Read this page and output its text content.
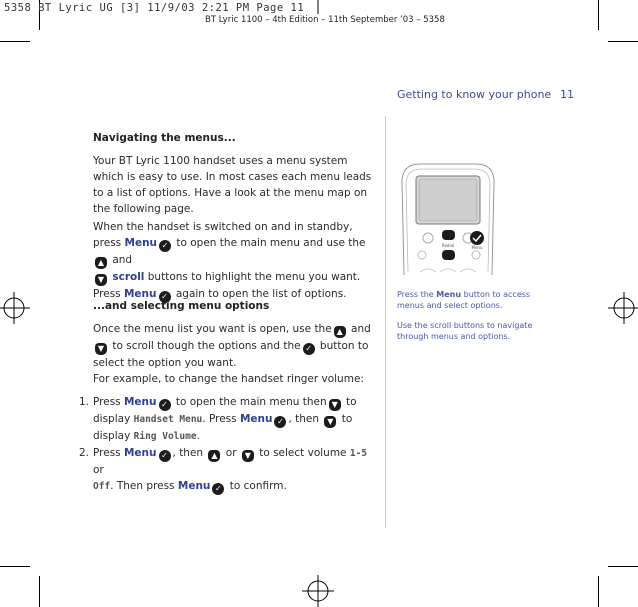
5358 BT Lyric UG [3] 11/9/03 2:21 PM Page 11
BT Lyric 1100 – 4th Edition – 11th September ’03 – 5358
Getting to know your phone 11
Navigating the menus...
Your BT Lyric 1100 handset uses a menu system which is easy to use. In most cases each menu leads to a list of options. Have a look at the menu map on the following page.
When the handset is switched on and in standby, press Menu ✓ to open the main menu and use the▲ and
▼ scroll buttons to highlight the menu you want.
Press Menu ✓ again to open the list of options.
...and selecting menu options
Once the menu list you want is open, use the ▲ and
▼ to scroll though the options and the ✓ button to select the option you want.
For example, to change the handset ringer volume:
1. Press Menu ✓ to open the main menu then ▼ to display Handset Menu. Press Menu ✓ , then ▼ to display Ring Volume.
2. Press Menu ✓ , then ▲ or ▼ to select volume 1-5 or
Off. Then press Menu ✓ to confirm.
Redial	Menu
Press the Menu button to access menus and select options.
Use the scroll buttons to navigate through menus and options.
